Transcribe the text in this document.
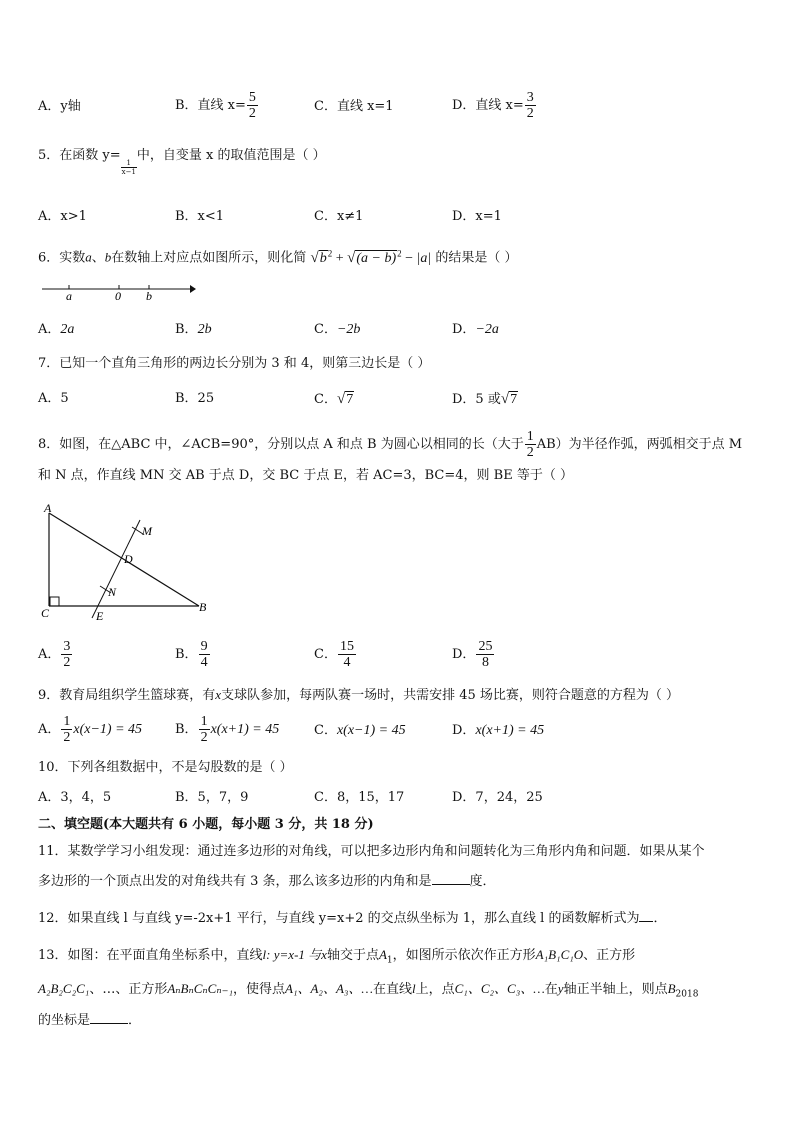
A．y轴	B．直线 $x= \frac{5}{2}$	C．直线 x=1	D．直线 $x= \frac{3}{2}$
5．在函数 y=
$\frac{1}{x-1}$
中，自变量 x 的取值范围是（ ）
A．x>1	B．x<1	C．x≠1	D．x=1
6．实数a、b在数轴上对应点如图所示，则化简 $√b^2 + √(a - b)^2 - |a|$ 的结果是（ ）
a	0 b
A．2a	B．2b	C．−2b	D．−2a
7．已知一个直角三角形的两边长分别为 3 和 4，则第三边长是（ ）
A．5	B．25	C．√7	D．5 或√7
8．如图，在△ABC 中，∠ACB=90°，分别以点 A 和点 B 为圆心以相同的长（大于 $\frac{1}{2} AB$）为半径作弧，两弧相交于点 M
和 N 点，作直线 MN 交 AB 于点 D，交 BC 于点 E，若 AC=3，BC=4，则 BE 等于（ ）
A
C	B
M
D
N
E
A． $\frac{3}{2}$	B． $\frac{9}{4}$	C． $\frac{15}{4}$	D． $\frac{25}{8}$
9．教育局组织学生篮球赛，有x支球队参加，每两队赛一场时，共需安排 45 场比赛，则符合题意的方程为（ ）
A． $\frac{1}{2} x(x-1) = 45$	B． $\frac{1}{2} x(x+1) = 45$	C．x(x−1) = 45	D．x(x+1) = 45
10．下列各组数据中，不是勾股数的是（ ）
A．3，4，5	B．5，7，9	C．8，15，17	D．7，24，25
二、填空题(本大题共有 6 小题，每小题 3 分，共 18 分)
11．某数学学习小组发现：通过连多边形的对角线，可以把多边形内角和问题转化为三角形内角和问题．如果从某个
多边形的一个顶点出发的对角线共有 3 条，那么该多边形的内角和是	度．
12．如果直线 l 与直线 y=-2x+1 平行，与直线 y=x+2 的交点纵坐标为 1，那么直线 l 的函数解析式为 ．
13．如图：在平面直角坐标系中，直线l: y=x-1 与x轴交于点$A_1$，如图所示依次作正方形A₁B₁C₁O、正方形
A₂B₂C₂C₁、…、正方形AₙBₙCₙCₙ₋₁，使得点A₁、A₂、A₃、…在直线l上，点C₁、C₂、C₃、…在y轴正半轴上，则点$B_{2018}$
的坐标是	．
